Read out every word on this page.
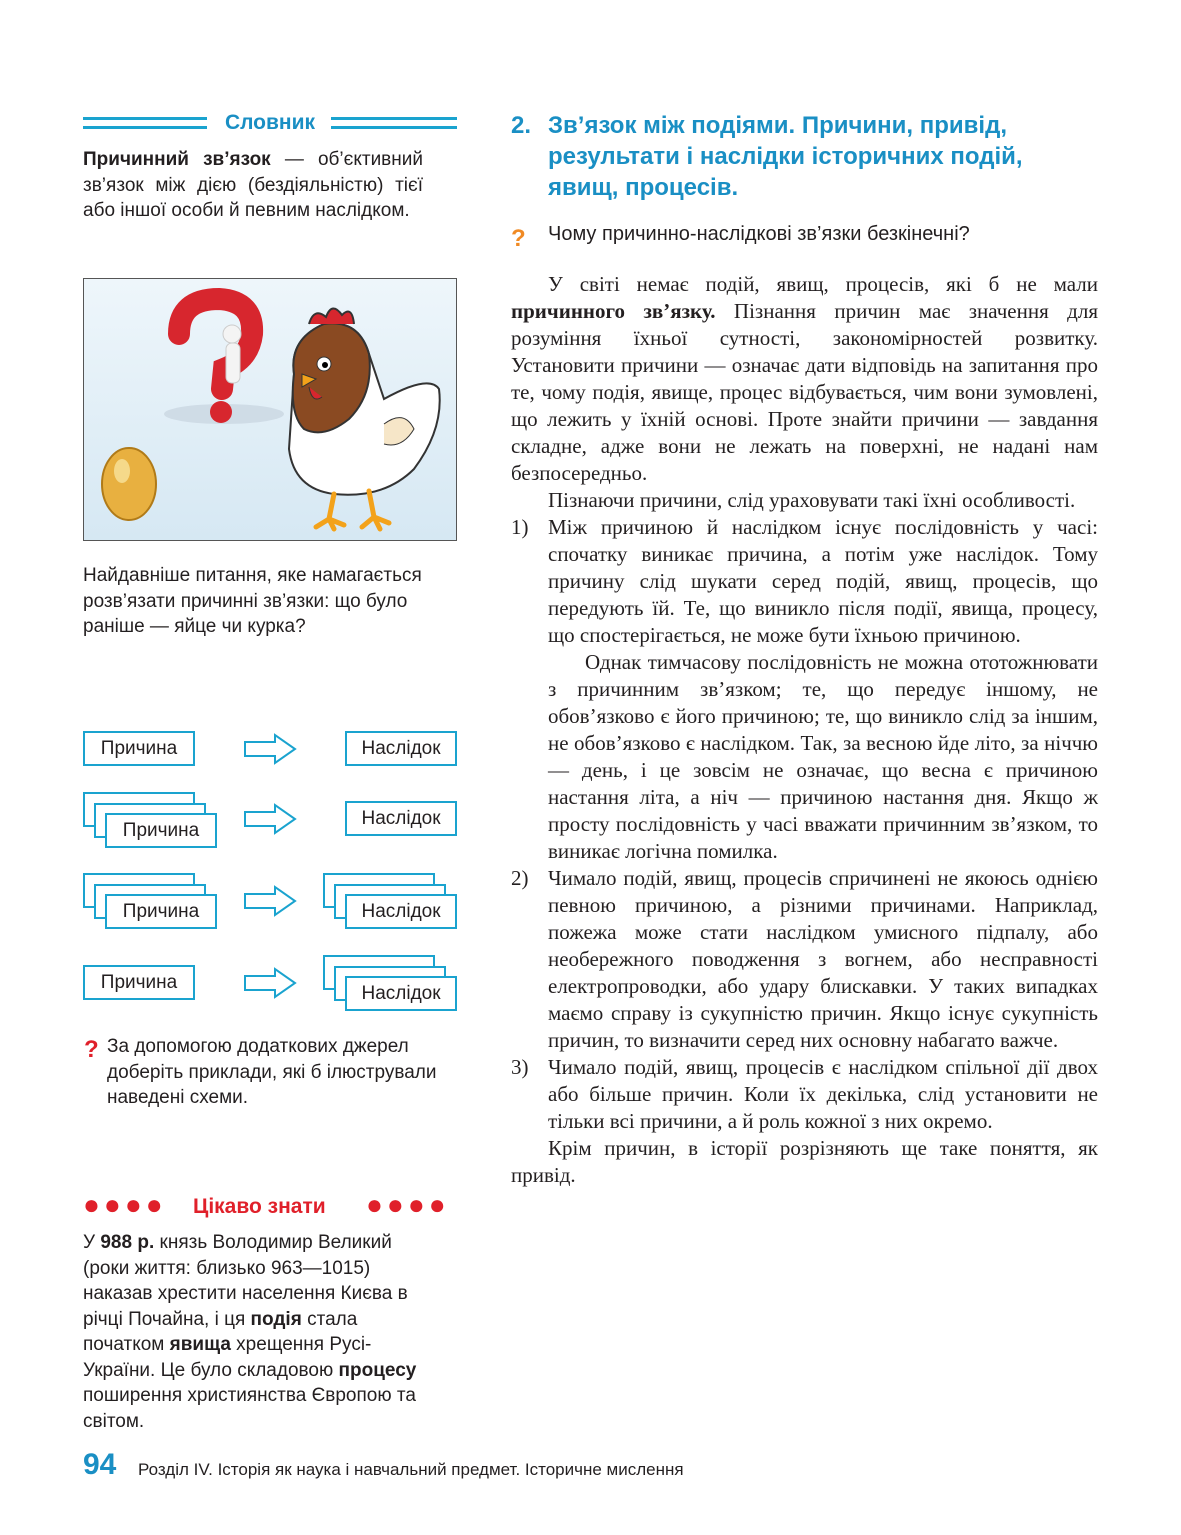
Словник
Причинний зв’язок — об’єктивний зв’язок між дією (бездіяльністю) тієї або іншої особи й певним наслідком.
Найдавніше питання, яке намагається розв’язати причинні зв’язки: що було раніше — яйце чи курка?
Причина	Наслідок
Причина
Наслідок
Причина	Наслідок
Причина
Наслідок
? За допомогою додаткових джерел доберіть приклади, які б ілюстрували наведені схеми.
●●●● Цікаво знати ●●●●
У 988 р. князь Володимир Великий (роки життя: близько 963—1015) наказав хрестити населення Києва в річці Почайна, і ця подія стала початком явища хрещення Русі-України. Це було складовою процесу поширення християнства Європою та світом.
2. Зв’язок між подіями. Причини, привід, результати і наслідки історичних подій, явищ, процесів.
? Чому причинно-наслідкові зв’язки безкінечні?
У світі немає подій, явищ, процесів, які б не мали причинного зв’язку. Пізнання причин має значення для розуміння їхньої сутності, закономірностей розвитку. Установити причини — означає дати відповідь на запитання про те, чому подія, явище, процес відбувається, чим вони зумовлені, що лежить у їхній основі. Проте знайти причини — завдання складне, адже вони не лежать на поверхні, не надані нам безпосередньо.
Пізнаючи причини, слід ураховувати такі їхні особливості.
1) Між причиною й наслідком існує послідовність у часі: спочатку виникає причина, а потім уже наслідок. Тому причину слід шукати серед подій, явищ, процесів, що передують їй. Те, що виникло після події, явища, процесу, що спостерігається, не може бути їхньою причиною.
Однак тимчасову послідовність не можна ототожнювати з причинним зв’язком; те, що передує іншому, не обов’язково є його причиною; те, що виникло слід за іншим, не обов’язково є наслідком. Так, за весною йде літо, за ніччю — день, і це зовсім не означає, що весна є причиною настання літа, а ніч — причиною настання дня. Якщо ж просту послідовність у часі вважати причинним зв’язком, то виникає логічна помилка.
2) Чимало подій, явищ, процесів спричинені не якоюсь однією певною причиною, а різними причинами. Наприклад, пожежа може стати наслідком умисного підпалу, або необережного поводження з вогнем, або несправності електропроводки, або удару блискавки. У таких випадках маємо справу із сукупністю причин. Якщо існує сукупність причин, то визначити серед них основну набагато важче.
3) Чимало подій, явищ, процесів є наслідком спільної дії двох або більше причин. Коли їх декілька, слід установити не тільки всі причини, а й роль кожної з них окремо.
Крім причин, в історії розрізняють ще таке поняття, як привід.
94 Розділ IV. Історія як наука і навчальний предмет. Історичне мислення
